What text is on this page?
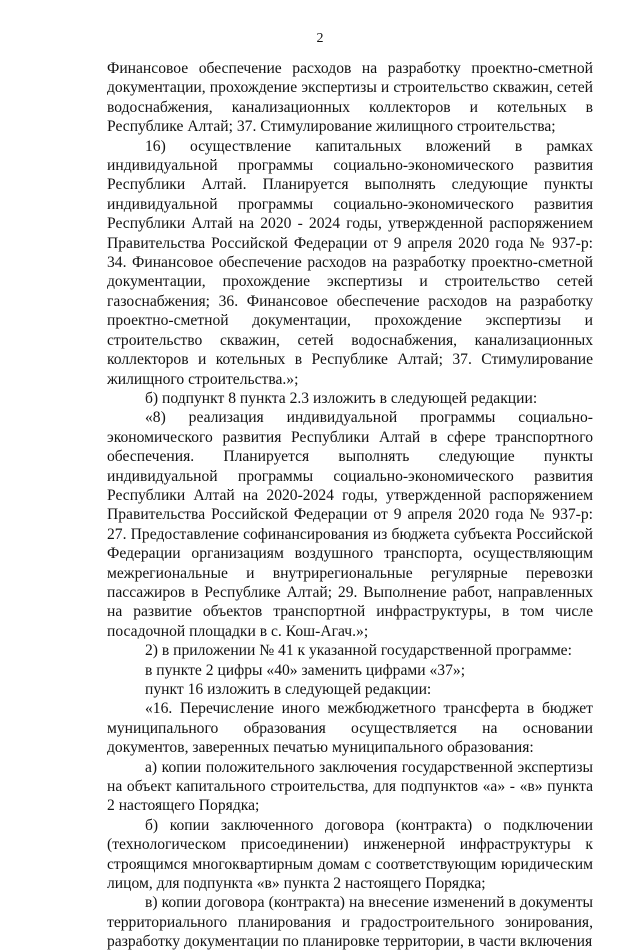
2

Финансовое обеспечение расходов на разработку проектно-сметной документации, прохождение экспертизы и строительство скважин, сетей водоснабжения, канализационных коллекторов и котельных в Республике Алтай; 37. Стимулирование жилищного строительства;

16) осуществление капитальных вложений в рамках индивидуальной программы социально-экономического развития Республики Алтай. Планируется выполнять следующие пункты индивидуальной программы социально-экономического развития Республики Алтай на 2020 - 2024 годы, утвержденной распоряжением Правительства Российской Федерации от 9 апреля 2020 года № 937-р: 34. Финансовое обеспечение расходов на разработку проектно-сметной документации, прохождение экспертизы и строительство сетей газоснабжения; 36. Финансовое обеспечение расходов на разработку проектно-сметной документации, прохождение экспертизы и строительство скважин, сетей водоснабжения, канализационных коллекторов и котельных в Республике Алтай; 37. Стимулирование жилищного строительства.»;

б) подпункт 8 пункта 2.3 изложить в следующей редакции:

«8) реализация индивидуальной программы социально-экономического развития Республики Алтай в сфере транспортного обеспечения. Планируется выполнять следующие пункты индивидуальной программы социально-экономического развития Республики Алтай на 2020-2024 годы, утвержденной распоряжением Правительства Российской Федерации от 9 апреля 2020 года № 937-р: 27. Предоставление софинансирования из бюджета субъекта Российской Федерации организациям воздушного транспорта, осуществляющим межрегиональные и внутрирегиональные регулярные перевозки пассажиров в Республике Алтай; 29. Выполнение работ, направленных на развитие объектов транспортной инфраструктуры, в том числе посадочной площадки в с. Кош-Агач.»;

2) в приложении № 41 к указанной государственной программе:

в пункте 2 цифры «40» заменить цифрами «37»;

пункт 16 изложить в следующей редакции:

«16. Перечисление иного межбюджетного трансферта в бюджет муниципального образования осуществляется на основании документов, заверенных печатью муниципального образования:

а) копии положительного заключения государственной экспертизы на объект капитального строительства, для подпунктов «а» - «в» пункта 2 настоящего Порядка;

б) копии заключенного договора (контракта) о подключении (технологическом присоединении) инженерной инфраструктуры к строящимся многоквартирным домам с соответствующим юридическим лицом, для подпункта «в» пункта 2 настоящего Порядка;

в) копии договора (контракта) на внесение изменений в документы территориального планирования и градостроительного зонирования, разработку документации по планировке территории, в части включения
